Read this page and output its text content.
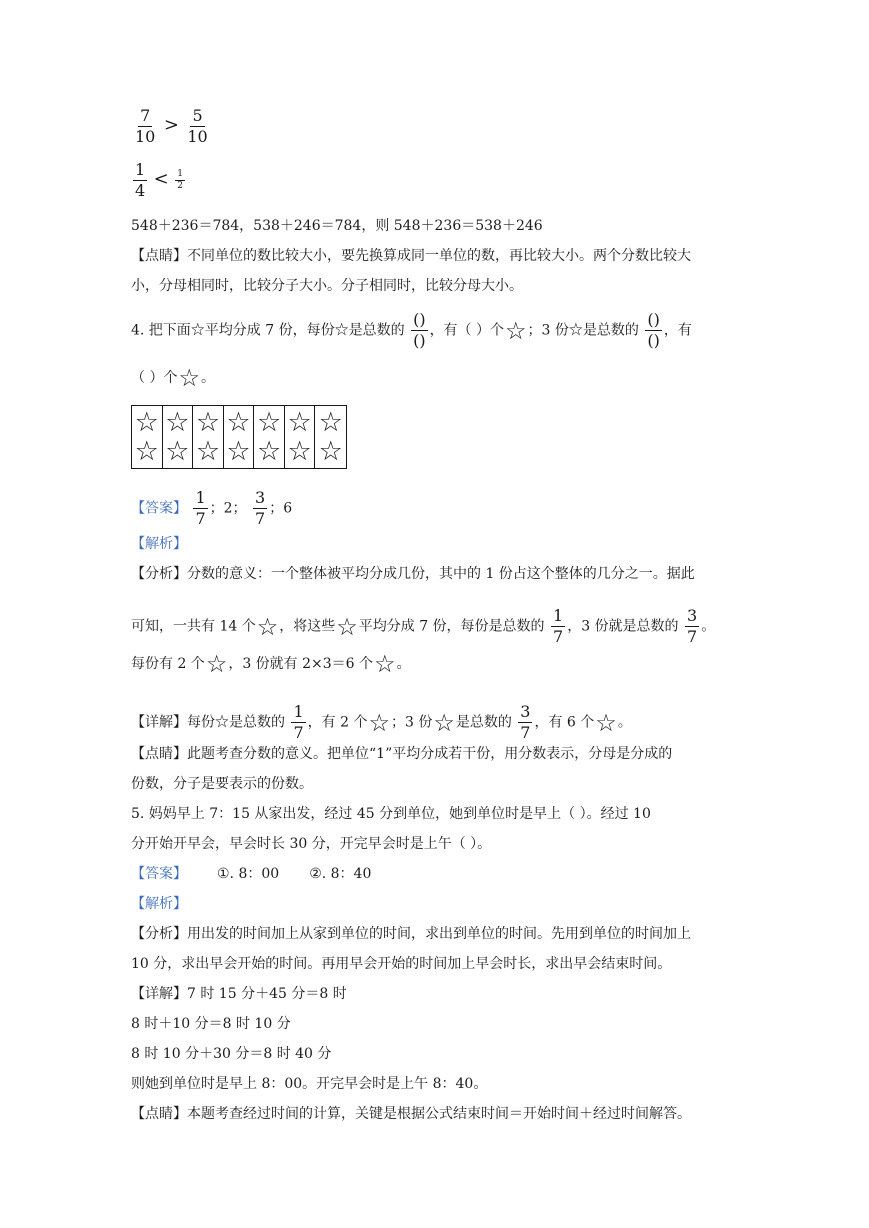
$\frac{7}{10} > \frac{5}{10}$
$\frac{1}{4} < \frac{1}{2}$
548＋236＝784，538＋246＝784，则 548＋236＝538＋246
【点睛】不同单位的数比较大小，要先换算成同一单位的数，再比较大小。两个分数比较大
小，分母相同时，比较分子大小。分子相同时，比较分母大小。
4. 把下面☆平均分成 7 份，每份☆是总数的 $\frac{()}{()}$ ，有（ ）个☆；3 份☆是总数的 $\frac{()}{()}$ ，有
（ ）个☆。
☆
☆
☆
☆
☆
☆
☆
☆
☆
☆
☆
☆
☆
☆
【答案】 $\frac{1}{7}$ ；2； $\frac{3}{7}$ ；6
【解析】
【分析】分数的意义：一个整体被平均分成几份，其中的 1 份占这个整体的几分之一。据此
可知，一共有 14 个☆，将这些☆平均分成 7 份，每份是总数的 $\frac{1}{7}$ ，3 份就是总数的 $\frac{3}{7}$ 。
每份有 2 个☆，3 份就有 2×3＝6 个☆。
【详解】每份☆是总数的 $\frac{1}{7}$ ，有 2 个☆；3 份☆是总数的 $\frac{3}{7}$ ，有 6 个☆。
【点睛】此题考查分数的意义。把单位“1”平均分成若干份，用分数表示，分母是分成的
份数，分子是要表示的份数。
5. 妈妈早上 7：15 从家出发，经过 45 分到单位，她到单位时是早上（ ）。经过 10
分开始开早会，早会时长 30 分，开完早会时是上午（ ）。
【答案】 ①. 8：00 ②. 8：40
【解析】
【分析】用出发的时间加上从家到单位的时间，求出到单位的时间。先用到单位的时间加上
10 分，求出早会开始的时间。再用早会开始的时间加上早会时长，求出早会结束时间。
【详解】7 时 15 分＋45 分＝8 时
8 时＋10 分＝8 时 10 分
8 时 10 分＋30 分＝8 时 40 分
则她到单位时是早上 8：00。开完早会时是上午 8：40。
【点睛】本题考查经过时间的计算，关键是根据公式结束时间＝开始时间＋经过时间解答。
